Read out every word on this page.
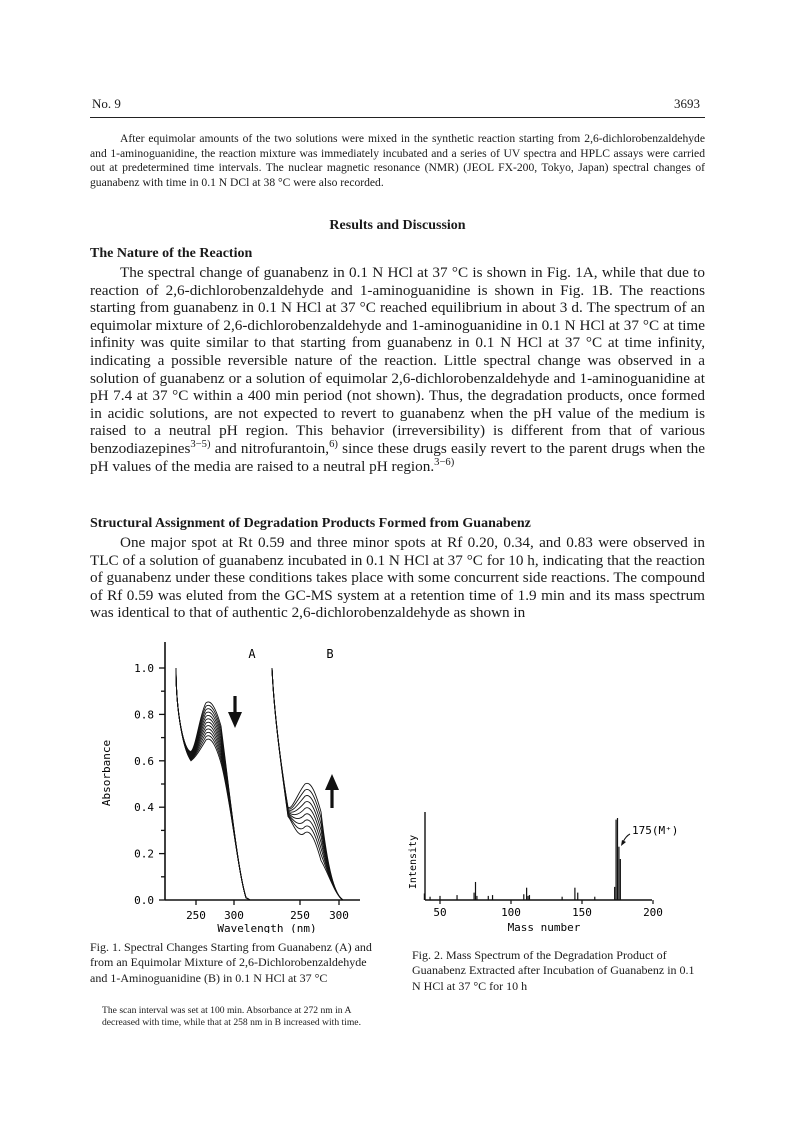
No. 9	3693
After equimolar amounts of the two solutions were mixed in the synthetic reaction starting from 2,6-dichlorobenzaldehyde and 1-aminoguanidine, the reaction mixture was immediately incubated and a series of UV spectra and HPLC assays were carried out at predetermined time intervals. The nuclear magnetic resonance (NMR) (JEOL FX-200, Tokyo, Japan) spectral changes of guanabenz with time in 0.1 N DCl at 38 °C were also recorded.
Results and Discussion
The Nature of the Reaction

The spectral change of guanabenz in 0.1 N HCl at 37 °C is shown in Fig. 1A, while that due to reaction of 2,6-dichlorobenzaldehyde and 1-aminoguanidine is shown in Fig. 1B. The reactions starting from guanabenz in 0.1 N HCl at 37 °C reached equilibrium in about 3 d. The spectrum of an equimolar mixture of 2,6-dichlorobenzaldehyde and 1-aminoguanidine in 0.1 N HCl at 37 °C at time infinity was quite similar to that starting from guanabenz in 0.1 N HCl at 37 °C at time infinity, indicating a possible reversible nature of the reaction. Little spectral change was observed in a solution of guanabenz or a solution of equimolar 2,6-dichlorobenzaldehyde and 1-aminoguanidine at pH 7.4 at 37 °C within a 400 min period (not shown). Thus, the degradation products, once formed in acidic solutions, are not expected to revert to guanabenz when the pH value of the medium is raised to a neutral pH region. This behavior (irreversibility) is different from that of various benzodiazepines$^{3-5)}$ and nitrofurantoin,$^{6)}$ since these drugs easily revert to the parent drugs when the pH values of the media are raised to a neutral pH region.$^{3-6)}$

Structural Assignment of Degradation Products Formed from Guanabenz

One major spot at Rt 0.59 and three minor spots at Rf 0.20, 0.34, and 0.83 were observed in TLC of a solution of guanabenz incubated in 0.1 N HCl at 37 °C for 10 h, indicating that the reaction of guanabenz under these conditions takes place with some concurrent side reactions. The compound of Rf 0.59 was eluted from the GC-MS system at a retention time of 1.9 min and its mass spectrum was identical to that of authentic 2,6-dichlorobenzaldehyde as shown in

1.0
0.8
0.6
0.4
0.2
0.0
Absorbance
250 300	250 300
Wavelength (nm)
A	B
Intensity
50	100	150	200
Mass number
175(M⁺)
Fig. 1. Spectral Changes Starting from Guanabenz (A) and from an Equimolar Mixture of 2,6-Dichlorobenzaldehyde and 1-Aminoguanidine (B) in 0.1 N HCl at 37 °C
The scan interval was set at 100 min. Absorbance at 272 nm in A decreased with time, while that at 258 nm in B increased with time.
Fig. 2. Mass Spectrum of the Degradation Product of Guanabenz Extracted after Incubation of Guanabenz in 0.1 N HCl at 37 °C for 10 h
